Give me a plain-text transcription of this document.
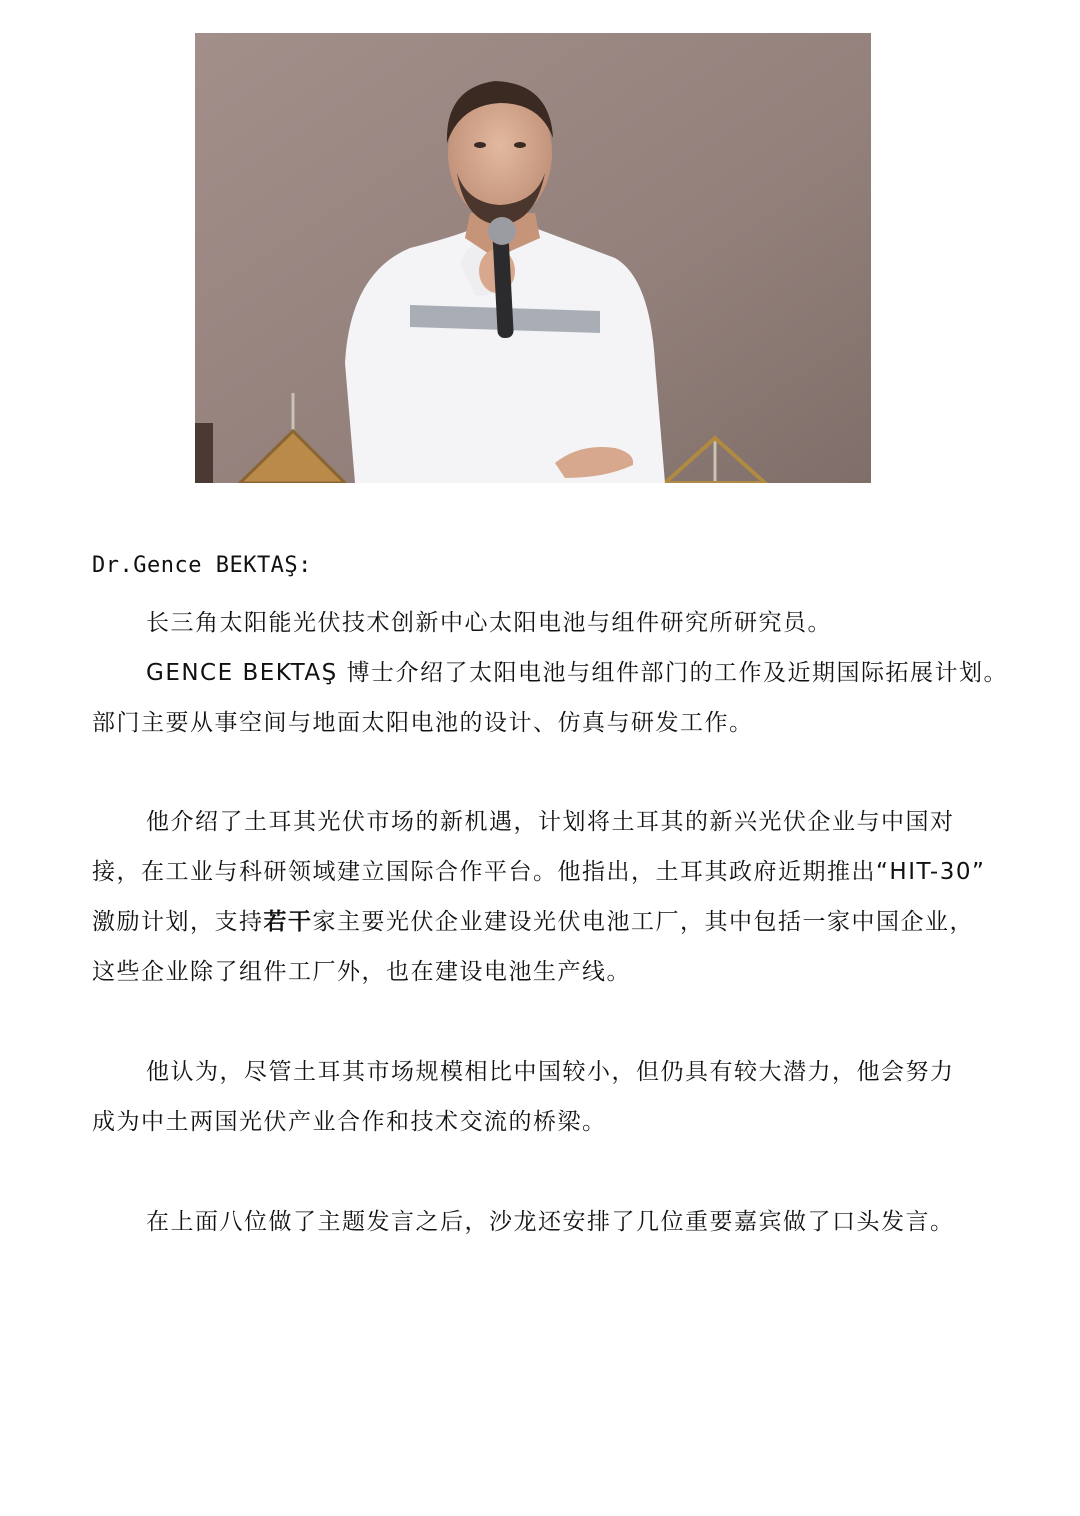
Dr.Gence BEKTAŞ:
长三角太阳能光伏技术创新中心太阳电池与组件研究所研究员。
GENCE BEKTAŞ 博士介绍了太阳电池与组件部门的工作及近期国际拓展计划。
部门主要从事空间与地面太阳电池的设计、仿真与研发工作。
他介绍了土耳其光伏市场的新机遇，计划将土耳其的新兴光伏企业与中国对
接，在工业与科研领域建立国际合作平台。他指出，土耳其政府近期推出“HIT-30”
激励计划，支持若干家主要光伏企业建设光伏电池工厂，其中包括一家中国企业，
这些企业除了组件工厂外，也在建设电池生产线。
他认为，尽管土耳其市场规模相比中国较小，但仍具有较大潜力，他会努力
成为中土两国光伏产业合作和技术交流的桥梁。
在上面八位做了主题发言之后，沙龙还安排了几位重要嘉宾做了口头发言。
